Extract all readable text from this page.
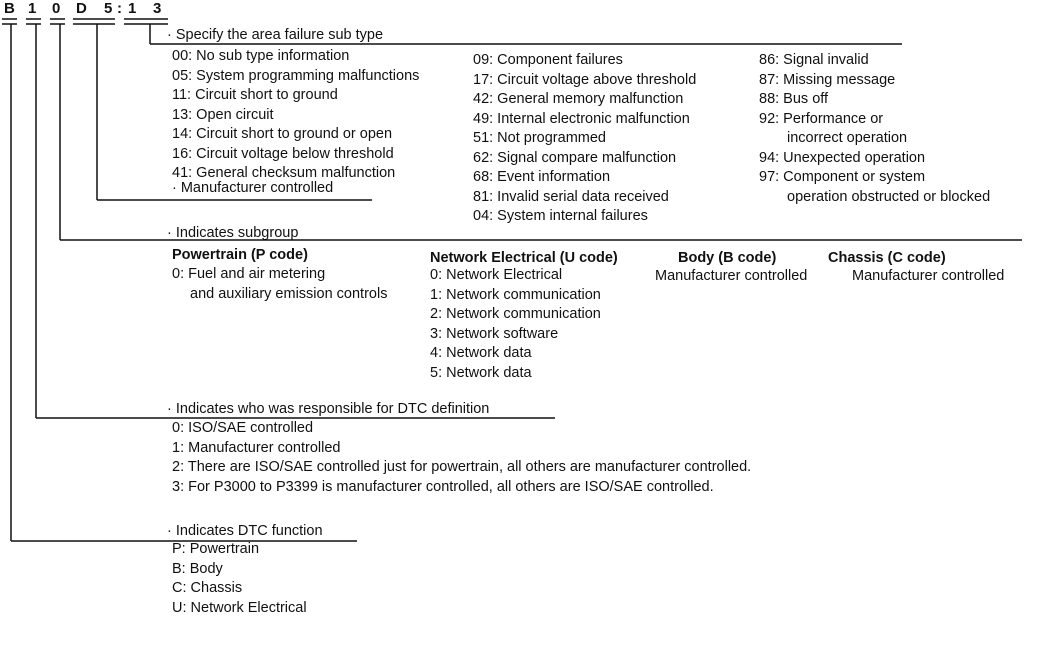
B 1 0 D 5 : 1 3
· Specify the area failure sub type
00: No sub type information
05: System programming malfunctions
11: Circuit short to ground
13: Open circuit
14: Circuit short to ground or open
16: Circuit voltage below threshold
41: General checksum malfunction
09: Component failures
17: Circuit voltage above threshold
42: General memory malfunction
49: Internal electronic malfunction
51: Not programmed
62: Signal compare malfunction
68: Event information
81: Invalid serial data received
04: System internal failures
86: Signal invalid
87: Missing message
88: Bus off
92: Performance or
incorrect operation
94: Unexpected operation
97: Component or system
operation obstructed or blocked
· Manufacturer controlled
· Indicates subgroup
Powertrain (P code)
0: Fuel and air metering
and auxiliary emission controls
Network Electrical (U code)
0: Network Electrical
1: Network communication
2: Network communication
3: Network software
4: Network data
5: Network data
Body (B code)
Manufacturer controlled
Chassis (C code)
Manufacturer controlled
· Indicates who was responsible for DTC definition
0: ISO/SAE controlled
1: Manufacturer controlled
2: There are ISO/SAE controlled just for powertrain, all others are manufacturer controlled.
3: For P3000 to P3399 is manufacturer controlled, all others are ISO/SAE controlled.
· Indicates DTC function
P: Powertrain
B: Body
C: Chassis
U: Network Electrical
